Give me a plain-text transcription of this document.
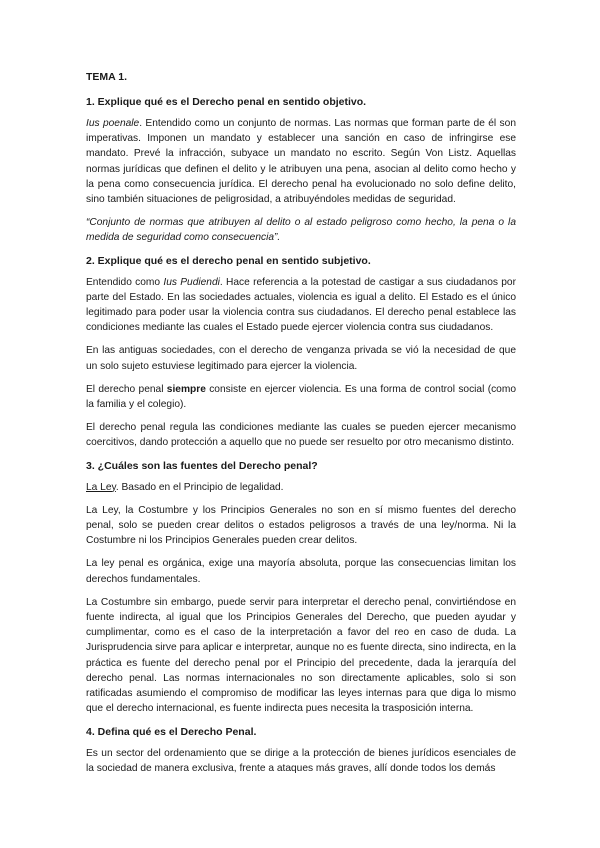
TEMA 1.
1. Explique qué es el Derecho penal en sentido objetivo.

Ius poenale. Entendido como un conjunto de normas. Las normas que forman parte de él son imperativas. Imponen un mandato y establecer una sanción en caso de infringirse ese mandato. Prevé la infracción, subyace un mandato no escrito. Según Von Listz. Aquellas normas jurídicas que definen el delito y le atribuyen una pena, asocian al delito como hecho y la pena como consecuencia jurídica. El derecho penal ha evolucionado no solo define delito, sino también situaciones de peligrosidad, a atribuyéndoles medidas de seguridad.

“Conjunto de normas que atribuyen al delito o al estado peligroso como hecho, la pena o la medida de seguridad como consecuencia”.

2. Explique qué es el derecho penal en sentido subjetivo.

Entendido como Ius Pudiendi. Hace referencia a la potestad de castigar a sus ciudadanos por parte del Estado. En las sociedades actuales, violencia es igual a delito. El Estado es el único legitimado para poder usar la violencia contra sus ciudadanos. El derecho penal establece las condiciones mediante las cuales el Estado puede ejercer violencia contra sus ciudadanos.

En las antiguas sociedades, con el derecho de venganza privada se vió la necesidad de que un solo sujeto estuviese legitimado para ejercer la violencia.

El derecho penal siempre consiste en ejercer violencia. Es una forma de control social (como la familia y el colegio).

El derecho penal regula las condiciones mediante las cuales se pueden ejercer mecanismo coercitivos, dando protección a aquello que no puede ser resuelto por otro mecanismo distinto.

3. ¿Cuáles son las fuentes del Derecho penal?

La Ley. Basado en el Principio de legalidad.

La Ley, la Costumbre y los Principios Generales no son en sí mismo fuentes del derecho penal, solo se pueden crear delitos o estados peligrosos a través de una ley/norma. Ni la Costumbre ni los Principios Generales pueden crear delitos.

La ley penal es orgánica, exige una mayoría absoluta, porque las consecuencias limitan los derechos fundamentales.

La Costumbre sin embargo, puede servir para interpretar el derecho penal, convirtiéndose en fuente indirecta, al igual que los Principios Generales del Derecho, que pueden ayudar y cumplimentar, como es el caso de la interpretación a favor del reo en caso de duda. La Jurisprudencia sirve para aplicar e interpretar, aunque no es fuente directa, sino indirecta, en la práctica es fuente del derecho penal por el Principio del precedente, dada la jerarquía del derecho penal. Las normas internacionales no son directamente aplicables, solo si son ratificadas asumiendo el compromiso de modificar las leyes internas para que diga lo mismo que el derecho internacional, es fuente indirecta pues necesita la trasposición interna.

4. Defina qué es el Derecho Penal.

Es un sector del ordenamiento que se dirige a la protección de bienes jurídicos esenciales de la sociedad de manera exclusiva, frente a ataques más graves, allí donde todos los demás
